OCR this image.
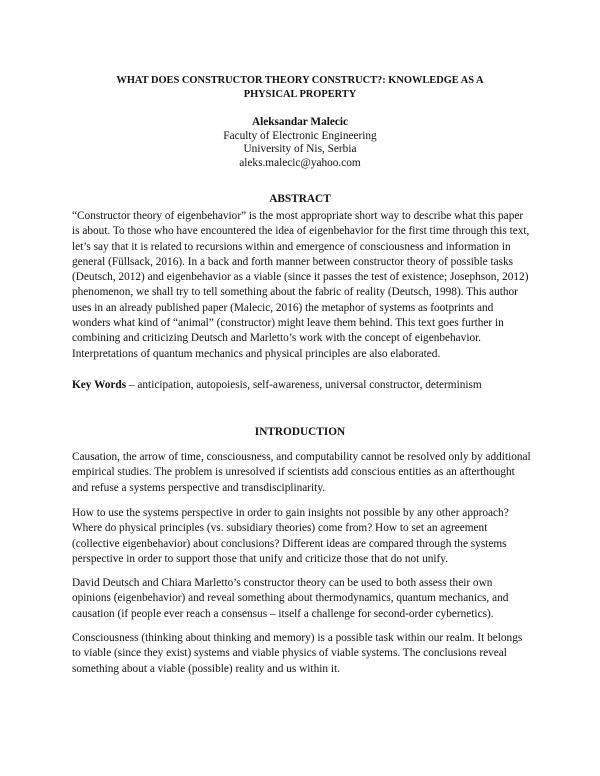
WHAT DOES CONSTRUCTOR THEORY CONSTRUCT?: KNOWLEDGE AS A
PHYSICAL PROPERTY
Aleksandar Malecic
Faculty of Electronic Engineering
University of Nis, Serbia
aleks.malecic@yahoo.com
ABSTRACT

“Constructor theory of eigenbehavior” is the most appropriate short way to describe what this paper is about. To those who have encountered the idea of eigenbehavior for the first time through this text, let’s say that it is related to recursions within and emergence of consciousness and information in general (Füllsack, 2016). In a back and forth manner between constructor theory of possible tasks (Deutsch, 2012) and eigenbehavior as a viable (since it passes the test of existence; Josephson, 2012) phenomenon, we shall try to tell something about the fabric of reality (Deutsch, 1998). This author uses in an already published paper (Malecic, 2016) the metaphor of systems as footprints and wonders what kind of “animal” (constructor) might leave them behind. This text goes further in combining and criticizing Deutsch and Marletto’s work with the concept of eigenbehavior. Interpretations of quantum mechanics and physical principles are also elaborated.

Key Words – anticipation, autopoiesis, self-awareness, universal constructor, determinism

INTRODUCTION

Causation, the arrow of time, consciousness, and computability cannot be resolved only by additional empirical studies. The problem is unresolved if scientists add conscious entities as an afterthought and refuse a systems perspective and transdisciplinarity.

How to use the systems perspective in order to gain insights not possible by any other approach? Where do physical principles (vs. subsidiary theories) come from? How to set an agreement (collective eigenbehavior) about conclusions? Different ideas are compared through the systems perspective in order to support those that unify and criticize those that do not unify.

David Deutsch and Chiara Marletto’s constructor theory can be used to both assess their own opinions (eigenbehavior) and reveal something about thermodynamics, quantum mechanics, and causation (if people ever reach a consensus – itself a challenge for second-order cybernetics).

Consciousness (thinking about thinking and memory) is a possible task within our realm. It belongs to viable (since they exist) systems and viable physics of viable systems. The conclusions reveal something about a viable (possible) reality and us within it.
